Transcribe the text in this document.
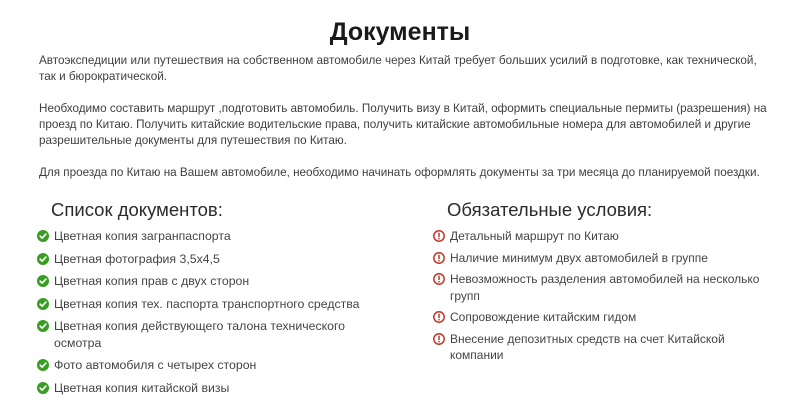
Документы

Автоэкспедиции или путешествия на собственном автомобиле через Китай требует больших усилий в подготовке, как технической, так и бюрократической.

Необходимо составить маршрут ,подготовить автомобиль. Получить визу в Китай, оформить специальные пермиты (разрешения) на проезд по Китаю. Получить китайские водительские права, получить китайские автомобильные номера для автомобилей и другие разрешительные документы для путешествия по Китаю.

Для проезда по Китаю на Вашем автомобиле, необходимо начинать оформлять документы за три месяца до планируемой поездки.

Список документов:
Цветная копия загранпаспорта
Цветная фотография 3,5х4,5
Цветная копия прав с двух сторон
Цветная копия тех. паспорта транспортного средства
Цветная копия действующего талона технического осмотра
Фото автомобиля с четырех сторон
Цветная копия китайской визы
Обязательные условия:
Детальный маршрут по Китаю
Наличие минимум двух автомобилей в группе
Невозможность разделения автомобилей на несколько групп
Сопровождение китайским гидом
Внесение депозитных средств на счет Китайской компании
